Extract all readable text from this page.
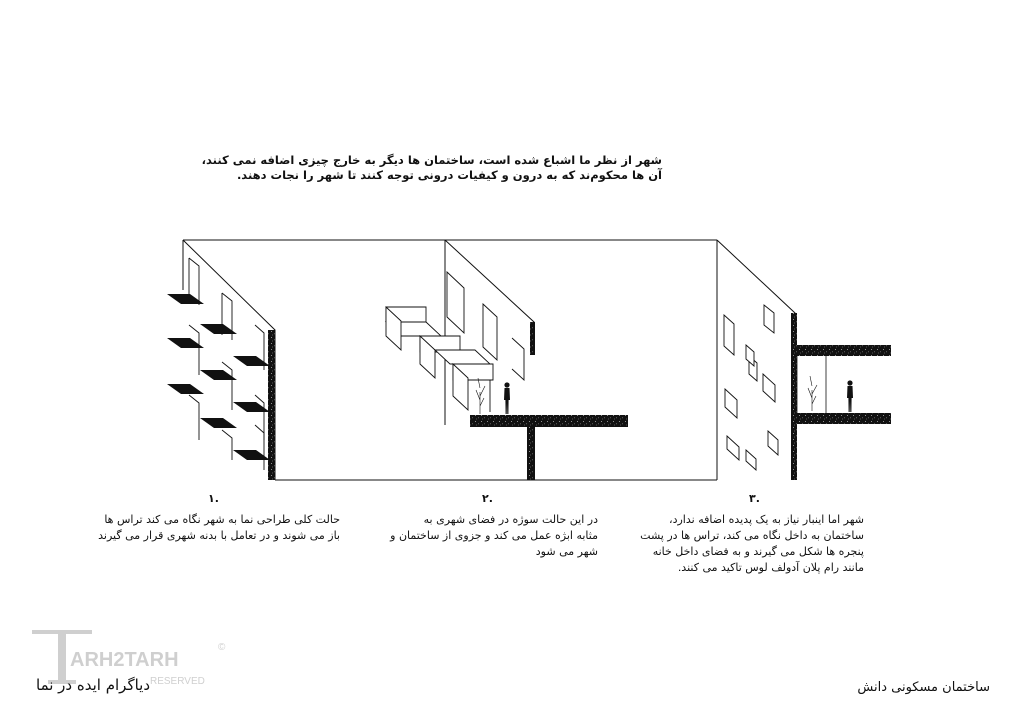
شهر از نظر ما اشباع شده است، ساختمان ها دیگر به خارج چیزی اضافه نمی کنند،
آن ها محکوم‌ند که به درون و کیفیات درونی توجه کنند تا شهر را نجات دهند.
۱.	۲.	۳.
حالت کلی طراحی نما به شهر نگاه می کند تراس ها
باز می شوند و در تعامل با بدنه شهری قرار می گیرند
در این حالت سوژه در فضای شهری به
مثابه ابژه عمل می کند و جزوی از ساختمان و
شهر می شود
شهر اما اینبار نیاز به یک پدیده اضافه ندارد،
ساختمان به داخل نگاه می کند، تراس ها در پشت
پنجره ها شکل می گیرند و به فضای داخل خانه
مانند رام پلان آدولف لوس تاکید می کنند.
ARH2TARH
RESERVED
©
ساختمان مسکونی دانش
دیاگرام ایده در نما
